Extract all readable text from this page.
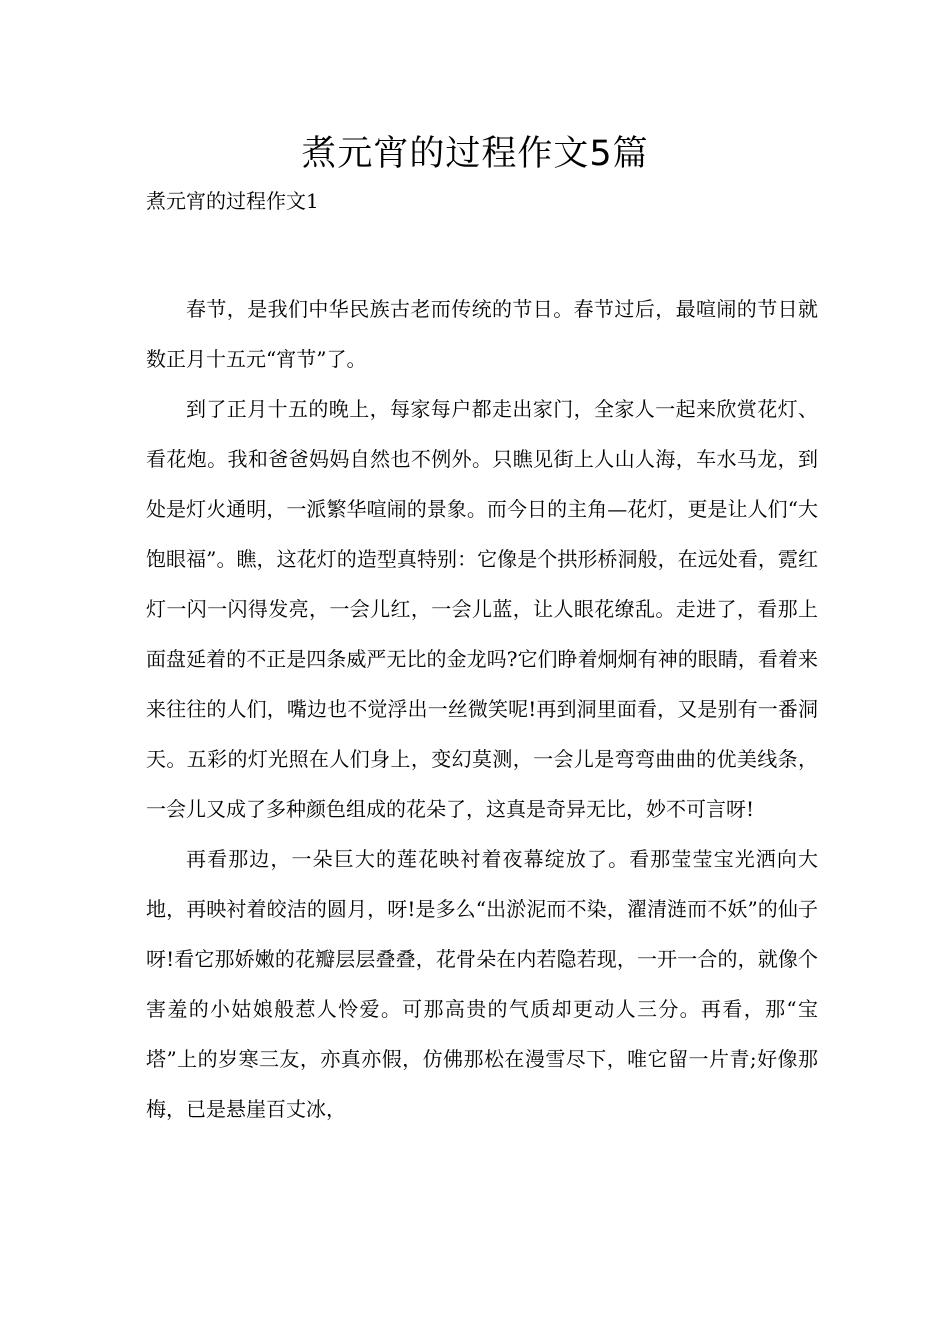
煮元宵的过程作文5篇
煮元宵的过程作文1

春节，是我们中华民族古老而传统的节日。春节过后，最喧闹的节日就数正月十五元“宵节”了。

到了正月十五的晚上，每家每户都走出家门，全家人一起来欣赏花灯、看花炮。我和爸爸妈妈自然也不例外。只瞧见街上人山人海，车水马龙，到处是灯火通明，一派繁华喧闹的景象。而今日的主角—花灯，更是让人们“大饱眼福”。瞧，这花灯的造型真特别：它像是个拱形桥洞般，在远处看，霓红灯一闪一闪得发亮，一会儿红，一会儿蓝，让人眼花缭乱。走进了，看那上面盘延着的不正是四条威严无比的金龙吗?它们睁着炯炯有神的眼睛，看着来来往往的人们，嘴边也不觉浮出一丝微笑呢!再到洞里面看，又是别有一番洞天。五彩的灯光照在人们身上，变幻莫测，一会儿是弯弯曲曲的优美线条，一会儿又成了多种颜色组成的花朵了，这真是奇异无比，妙不可言呀!

再看那边，一朵巨大的莲花映衬着夜幕绽放了。看那莹莹宝光洒向大地，再映衬着皎洁的圆月，呀!是多么“出淤泥而不染，濯清涟而不妖”的仙子呀!看它那娇嫩的花瓣层层叠叠，花骨朵在内若隐若现，一开一合的，就像个害羞的小姑娘般惹人怜爱。可那高贵的气质却更动人三分。再看，那“宝塔”上的岁寒三友，亦真亦假，仿佛那松在漫雪尽下，唯它留一片青;好像那梅，已是悬崖百丈冰，
